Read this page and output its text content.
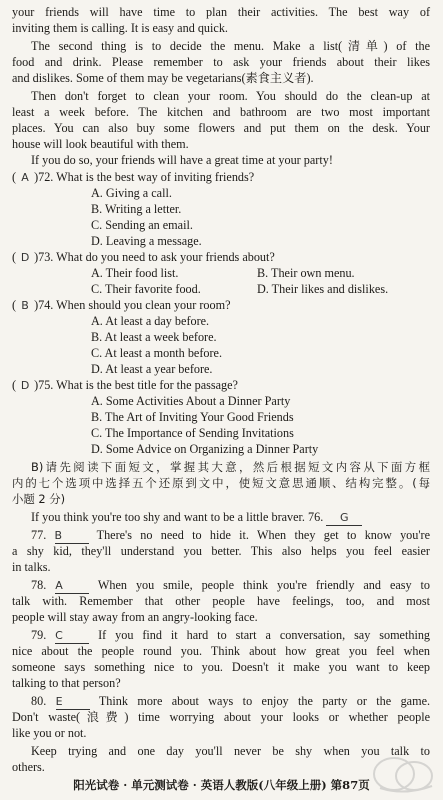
your friends will have time to plan their activities. The best way of
inviting them is calling. It is easy and quick.
The second thing is to decide the menu. Make a list(清单) of the
food and drink. Please remember to ask your friends about their likes
and dislikes. Some of them may be vegetarians(素食主义者).
Then don't forget to clean your room. You should do the clean-up at
least a week before. The kitchen and bathroom are two most important
places. You can also buy some flowers and put them on the desk. Your
house will look beautiful with them.
If you do so, your friends will have a great time at your party!
( A )72. What is the best way of inviting friends?
A. Giving a call.
B. Writing a letter.
C. Sending an email.
D. Leaving a message.
( D )73. What do you need to ask your friends about?
A. Their food list.	B. Their own menu.
C. Their favorite food.	D. Their likes and dislikes.
( B )74. When should you clean your room?
A. At least a day before.
B. At least a week before.
C. At least a month before.
D. At least a year before.
( D )75. What is the best title for the passage?
A. Some Activities About a Dinner Party
B. The Art of Inviting Your Good Friends
C. The Importance of Sending Invitations
D. Some Advice on Organizing a Dinner Party
B)请先阅读下面短文，掌握其大意，然后根据短文内容从下面方框
内的七个选项中选择五个还原到文中，使短文意思通顺、结构完整。(每
小题 2 分)
If you think you're too shy and want to be a little braver. 76. G
77. B	There's no need to hide it. When they get to know you're
a shy kid, they'll understand you better. This also helps you feel easier
in talks.
78. A	When you smile, people think you're friendly and easy to
talk with. Remember that other people have feelings, too, and most
people will stay away from an angry-looking face.
79. C	If you find it hard to start a conversation, say something
nice about the people round you. Think about how great you feel when
someone says something nice to you. Doesn't it make you want to keep
talking to that person?
80. E	Think more about ways to enjoy the party or the game.
Don't waste(浪费) time worrying about your looks or whether people
like you or not.
Keep trying and one day you'll never be shy when you talk to
others.
阳光试卷 · 单元测试卷 · 英语人教版(八年级上册) 第87页
